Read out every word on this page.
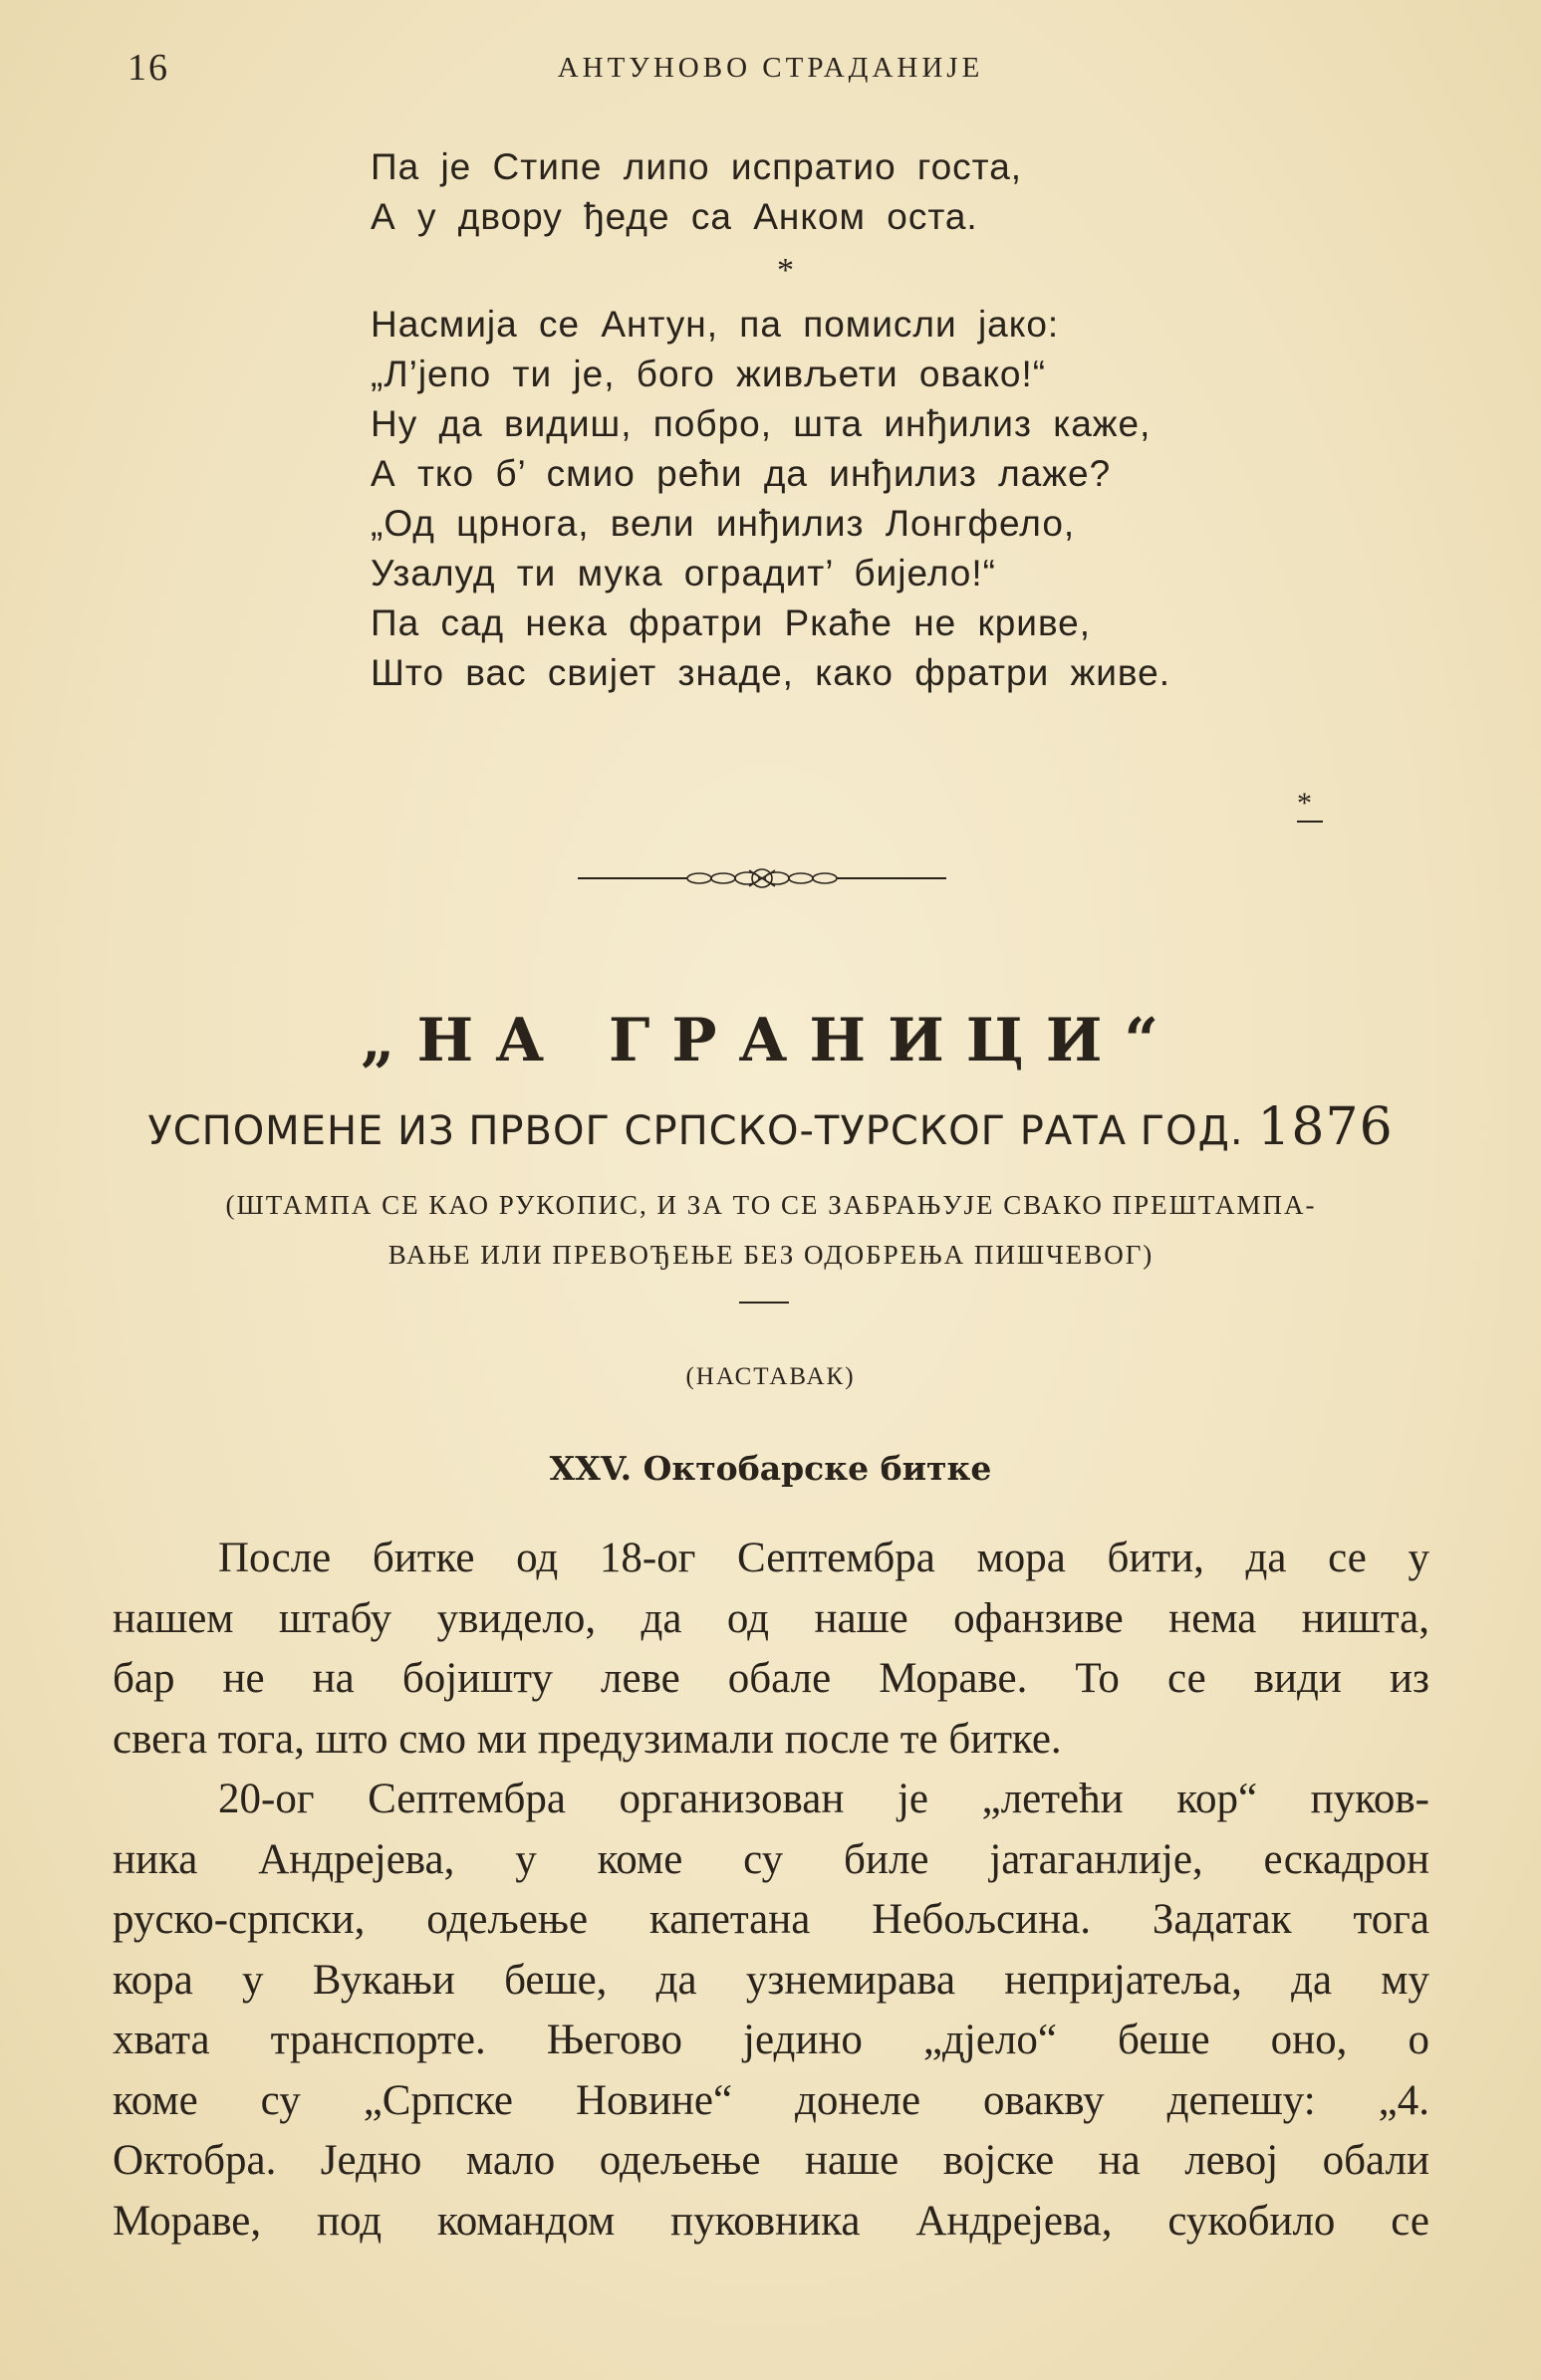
16	АНТУНОВО СТРАДАНИЈЕ
Па је Стипе липо испратио госта,
А у двору ђеде са Анком оста.
*
Насмија се Антун, па помисли јако:
„Л’јепо ти је, бого живљети овако!“
Ну да видиш, побро, шта инђилиз каже,
А тко б’ смио рећи да инђилиз лаже?
„Од црнога, вели инђилиз Лонгфело,
Узалуд ти мука оградит’ бијело!“
Па сад нека фратри Ркаће не криве,
Што вас свијет знаде, како фратри живе.
*
„НА ГРАНИЦИ“
УСПОМЕНЕ ИЗ ПРВОГ СРПСКО-ТУРСКОГ РАТА ГОД. 1876
(ШТАМПА СЕ КАО РУКОПИС, И ЗА ТО СЕ ЗАБРАЊУЈЕ СВАКО ПРЕШТАМПА-
ВАЊЕ ИЛИ ПРЕВОЂЕЊЕ БЕЗ ОДОБРЕЊА ПИШЧЕВОГ)
(НАСТАВАК)
XXV. Октобарске битке
После битке од 18-ог Септембра мора бити, да се у
нашем штабу увидело, да од наше офанзиве нема ништа,
бар не на бојишту леве обале Мораве. То се види из
свега тога, што смо ми предузимали после те битке.
20-ог Септембра организован је „летећи кор“ пуков-
ника Андрејева, у коме су биле јатаганлије, ескадрон
руско-српски, одељење капетана Небољсина. Задатак тога
кора у Вукањи беше, да узнемирава непријатеља, да му
хвата транспорте. Његово једино „дјело“ беше оно, о
коме су „Српске Новине“ донеле овакву депешу: „4.
Октобра. Једно мало одељење наше војске на левој обали
Мораве, под командом пуковника Андрејева, сукобило се
